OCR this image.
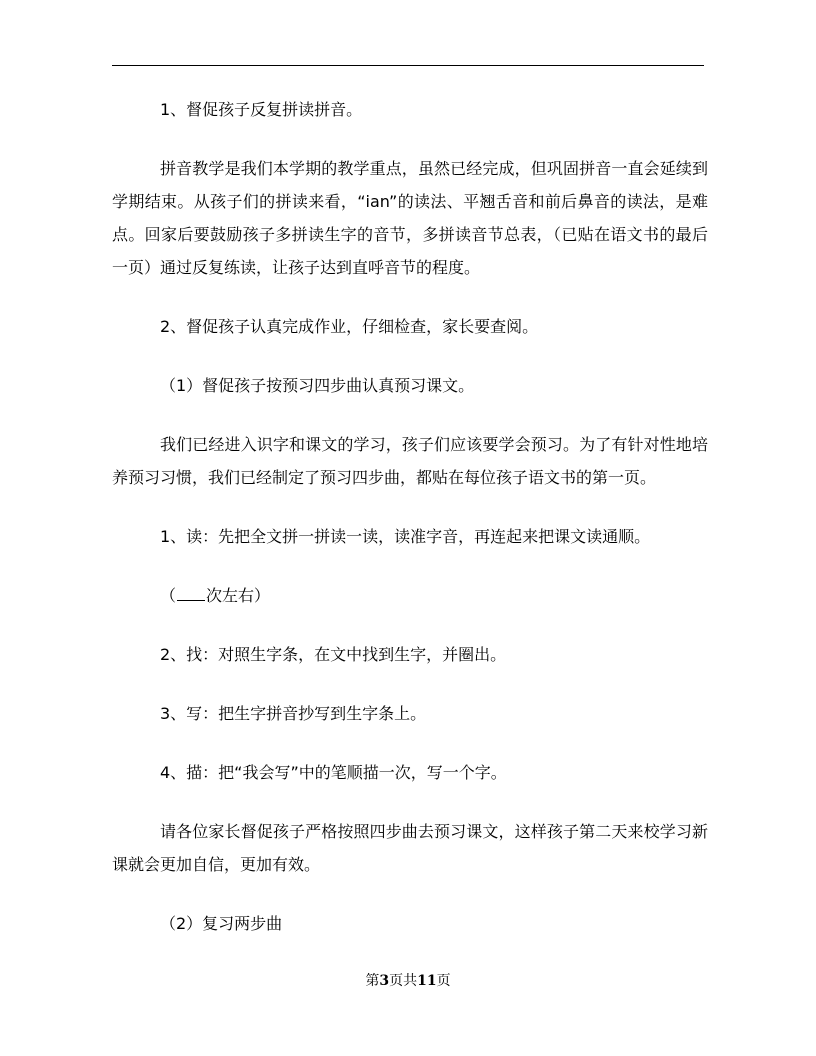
1、督促孩子反复拼读拼音。

拼音教学是我们本学期的教学重点，虽然已经完成，但巩固拼音一直会延续到学期结束。从孩子们的拼读来看，“ian”的读法、平翘舌音和前后鼻音的读法，是难点。回家后要鼓励孩子多拼读生字的音节，多拼读音节总表，（已贴在语文书的最后一页）通过反复练读，让孩子达到直呼音节的程度。

2、督促孩子认真完成作业，仔细检查，家长要查阅。

（1）督促孩子按预习四步曲认真预习课文。

我们已经进入识字和课文的学习，孩子们应该要学会预习。为了有针对性地培养预习习惯，我们已经制定了预习四步曲，都贴在每位孩子语文书的第一页。

1、读：先把全文拼一拼读一读，读准字音，再连起来把课文读通顺。

（ 次左右）

2、找：对照生字条，在文中找到生字，并圈出。

3、写：把生字拼音抄写到生字条上。

4、描：把“我会写”中的笔顺描一次，写一个字。

请各位家长督促孩子严格按照四步曲去预习课文，这样孩子第二天来校学习新课就会更加自信，更加有效。

（2）复习两步曲

第3页共11页
